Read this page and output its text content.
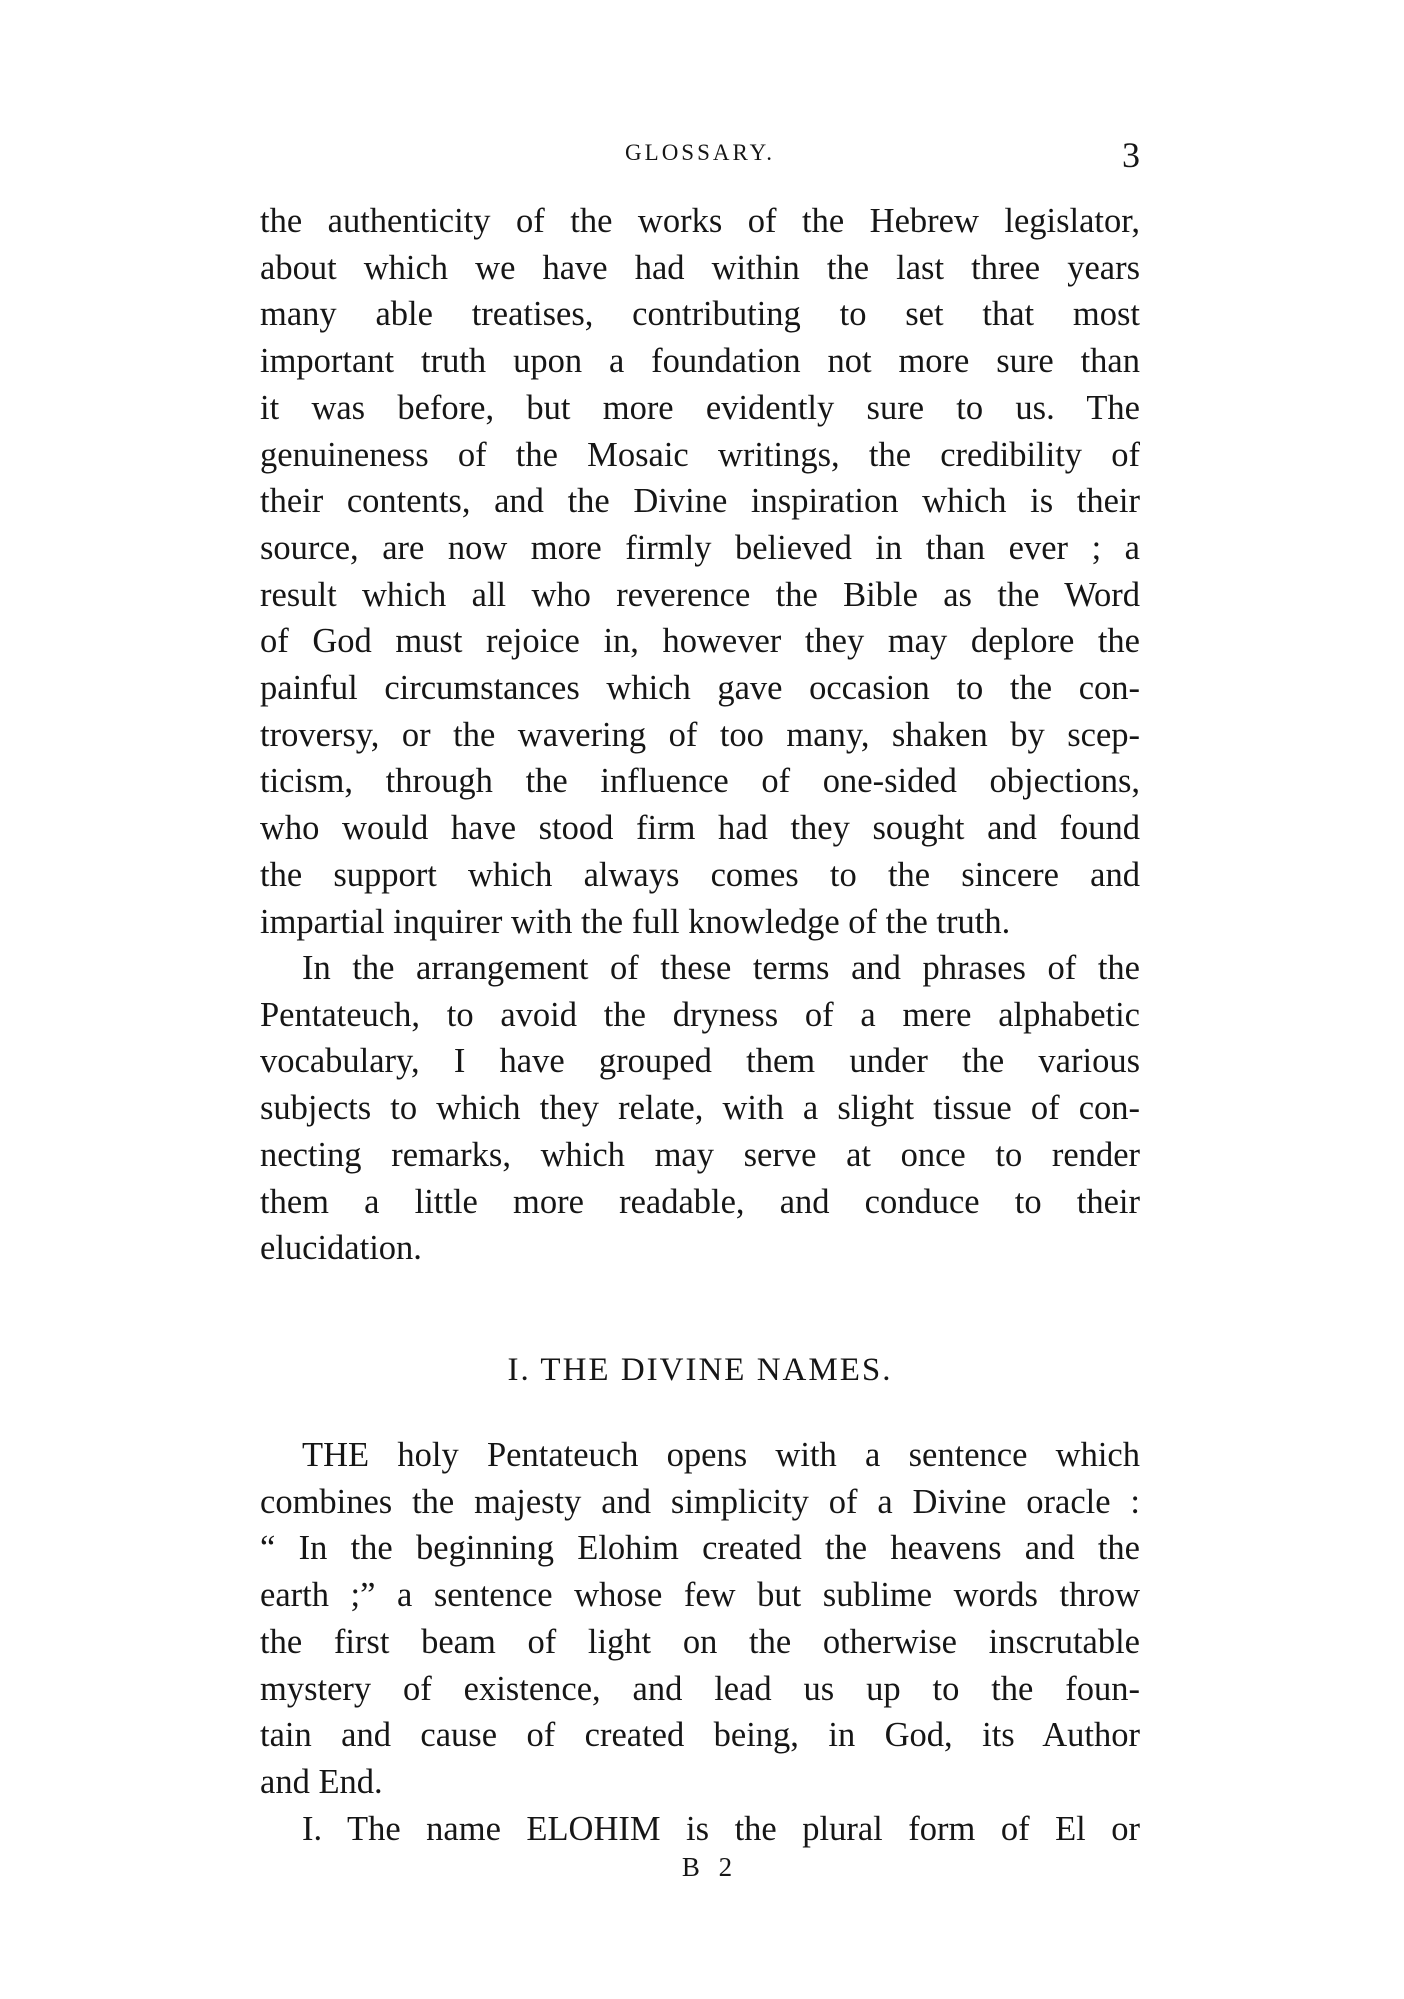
GLOSSARY.	3
the authenticity of the works of the Hebrew legislator,
about which we have had within the last three years
many able treatises, contributing to set that most
important truth upon a foundation not more sure than
it was before, but more evidently sure to us. The
genuineness of the Mosaic writings, the credibility of
their contents, and the Divine inspiration which is their
source, are now more firmly believed in than ever ; a
result which all who reverence the Bible as the Word
of God must rejoice in, however they may deplore the
painful circumstances which gave occasion to the con-
troversy, or the wavering of too many, shaken by scep-
ticism, through the influence of one-sided objections,
who would have stood firm had they sought and found
the support which always comes to the sincere and
impartial inquirer with the full knowledge of the truth.
In the arrangement of these terms and phrases of the
Pentateuch, to avoid the dryness of a mere alphabetic
vocabulary, I have grouped them under the various
subjects to which they relate, with a slight tissue of con-
necting remarks, which may serve at once to render
them a little more readable, and conduce to their
elucidation.
I. THE DIVINE NAMES.
THE holy Pentateuch opens with a sentence which
combines the majesty and simplicity of a Divine oracle :
“ In the beginning Elohim created the heavens and the
earth ;” a sentence whose few but sublime words throw
the first beam of light on the otherwise inscrutable
mystery of existence, and lead us up to the foun-
tain and cause of created being, in God, its Author
and End.
I. The name ELOHIM is the plural form of El or
B 2
